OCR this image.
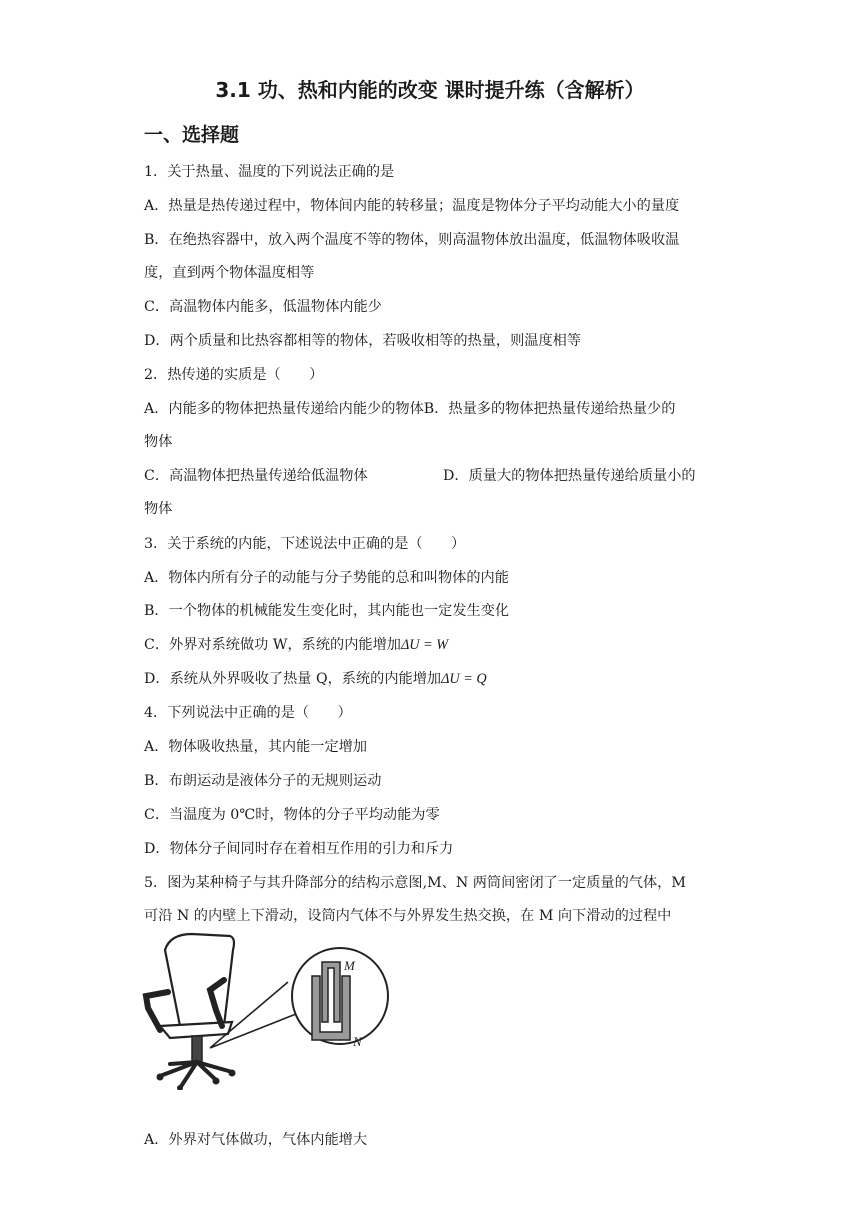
3.1 功、热和内能的改变 课时提升练（含解析）
一、选择题
1．关于热量、温度的下列说法正确的是
A．热量是热传递过程中，物体间内能的转移量；温度是物体分子平均动能大小的量度
B．在绝热容器中，放入两个温度不等的物体，则高温物体放出温度，低温物体吸收温
度，直到两个物体温度相等
C．高温物体内能多，低温物体内能少
D．两个质量和比热容都相等的物体，若吸收相等的热量，则温度相等
2．热传递的实质是（　　）
A．内能多的物体把热量传递给内能少的物体B．热量多的物体把热量传递给热量少的
物体
C．高温物体把热量传递给低温物体	D．质量大的物体把热量传递给质量小的
物体
3．关于系统的内能，下述说法中正确的是（　　）
A．物体内所有分子的动能与分子势能的总和叫物体的内能
B．一个物体的机械能发生变化时，其内能也一定发生变化
C．外界对系统做功 W，系统的内能增加ΔU = W
D．系统从外界吸收了热量 Q，系统的内能增加ΔU = Q
4．下列说法中正确的是（　　）
A．物体吸收热量，其内能一定增加
B．布朗运动是液体分子的无规则运动
C．当温度为 0℃时，物体的分子平均动能为零
D．物体分子间同时存在着相互作用的引力和斥力
5．图为某种椅子与其升降部分的结构示意图,M、N 两筒间密闭了一定质量的气体，M
可沿 N 的内壁上下滑动，设筒内气体不与外界发生热交换，在 M 向下滑动的过程中
M
N
A．外界对气体做功，气体内能增大
